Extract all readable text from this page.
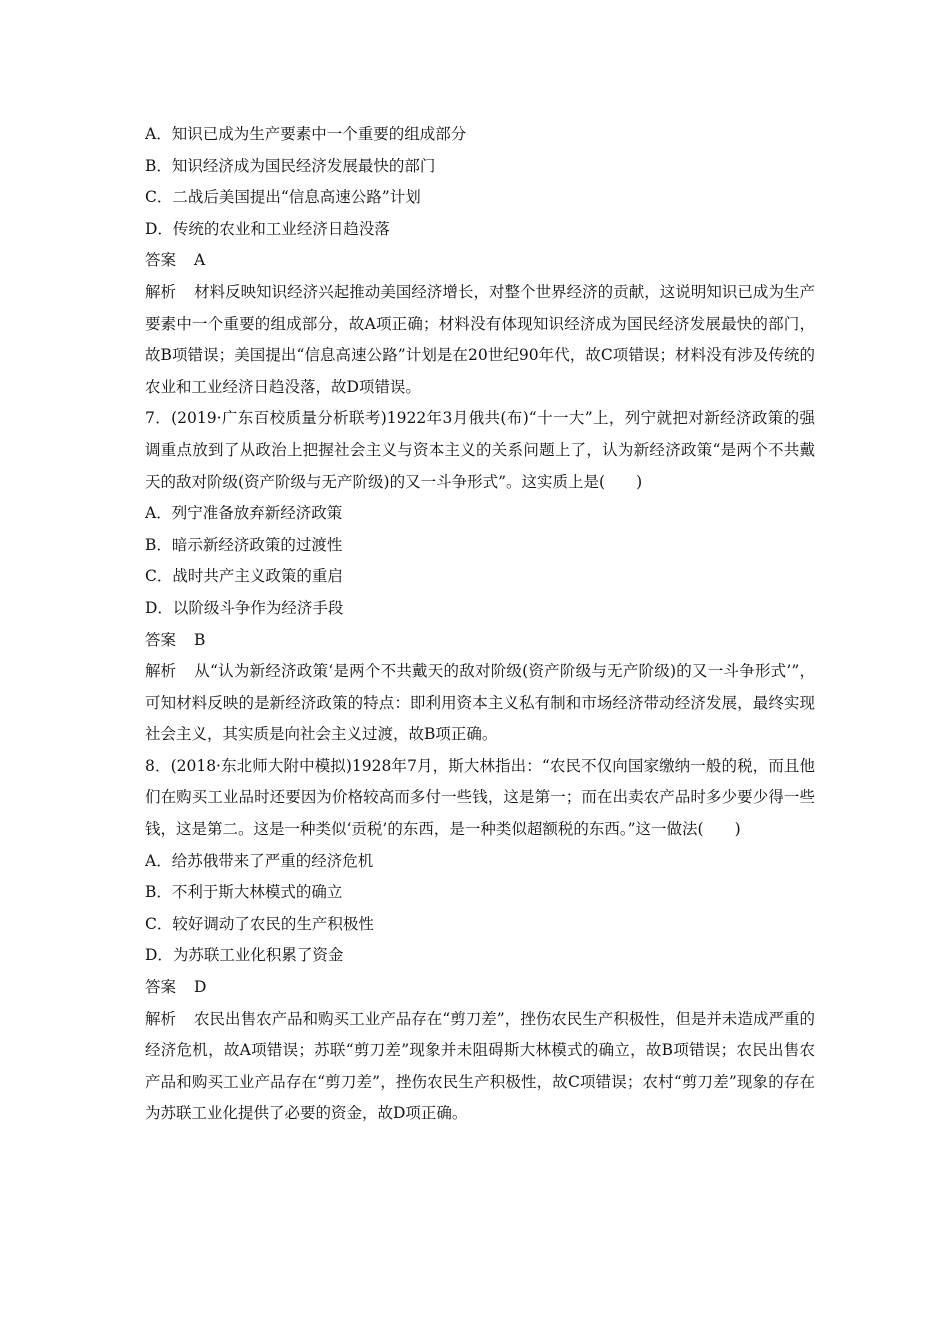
A．知识已成为生产要素中一个重要的组成部分
B．知识经济成为国民经济发展最快的部门
C．二战后美国提出“信息高速公路”计划
D．传统的农业和工业经济日趋没落
答案 A
解析 材料反映知识经济兴起推动美国经济增长，对整个世界经济的贡献，这说明知识已成为生产要素中一个重要的组成部分，故A项正确；材料没有体现知识经济成为国民经济发展最快的部门，故B项错误；美国提出“信息高速公路”计划是在20世纪90年代，故C项错误；材料没有涉及传统的农业和工业经济日趋没落，故D项错误。
7．(2019·广东百校质量分析联考)1922年3月俄共(布)“十一大”上，列宁就把对新经济政策的强调重点放到了从政治上把握社会主义与资本主义的关系问题上了，认为新经济政策“是两个不共戴天的敌对阶级(资产阶级与无产阶级)的又一斗争形式”。这实质上是(　　)
A．列宁准备放弃新经济政策
B．暗示新经济政策的过渡性
C．战时共产主义政策的重启
D．以阶级斗争作为经济手段
答案 B
解析 从“认为新经济政策‘是两个不共戴天的敌对阶级(资产阶级与无产阶级)的又一斗争形式’”，可知材料反映的是新经济政策的特点：即利用资本主义私有制和市场经济带动经济发展，最终实现社会主义，其实质是向社会主义过渡，故B项正确。
8．(2018·东北师大附中模拟)1928年7月，斯大林指出：“农民不仅向国家缴纳一般的税，而且他们在购买工业品时还要因为价格较高而多付一些钱，这是第一；而在出卖农产品时多少要少得一些钱，这是第二。这是一种类似‘贡税’的东西，是一种类似超额税的东西。”这一做法(　　)
A．给苏俄带来了严重的经济危机
B．不利于斯大林模式的确立
C．较好调动了农民的生产积极性
D．为苏联工业化积累了资金
答案 D
解析 农民出售农产品和购买工业产品存在“剪刀差”，挫伤农民生产积极性，但是并未造成严重的经济危机，故A项错误；苏联“剪刀差”现象并未阻碍斯大林模式的确立，故B项错误；农民出售农产品和购买工业产品存在“剪刀差”，挫伤农民生产积极性，故C项错误；农村“剪刀差”现象的存在为苏联工业化提供了必要的资金，故D项正确。
